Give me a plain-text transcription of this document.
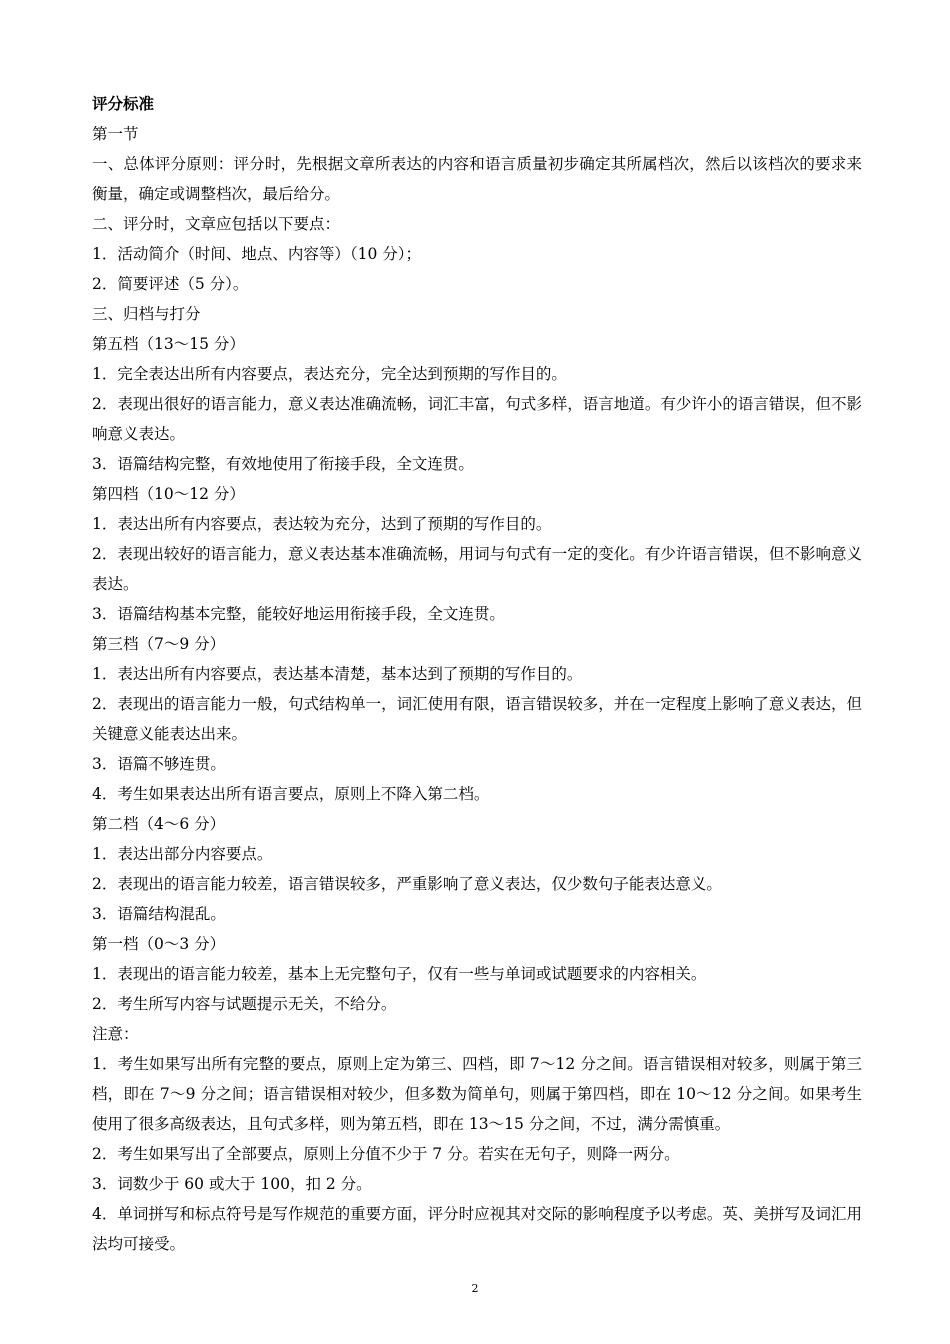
评分标准

第一节

一、总体评分原则：评分时，先根据文章所表达的内容和语言质量初步确定其所属档次，然后以该档次的要求来衡量，确定或调整档次，最后给分。

二、评分时，文章应包括以下要点：

1．活动简介（时间、地点、内容等）（10 分）；

2．简要评述（5 分）。

三、归档与打分

第五档（13～15 分）

1．完全表达出所有内容要点，表达充分，完全达到预期的写作目的。

2．表现出很好的语言能力，意义表达准确流畅，词汇丰富，句式多样，语言地道。有少许小的语言错误，但不影响意义表达。

3．语篇结构完整，有效地使用了衔接手段，全文连贯。

第四档（10～12 分）

1．表达出所有内容要点，表达较为充分，达到了预期的写作目的。

2．表现出较好的语言能力，意义表达基本准确流畅，用词与句式有一定的变化。有少许语言错误，但不影响意义表达。

3．语篇结构基本完整，能较好地运用衔接手段，全文连贯。

第三档（7～9 分）

1．表达出所有内容要点，表达基本清楚，基本达到了预期的写作目的。

2．表现出的语言能力一般，句式结构单一，词汇使用有限，语言错误较多，并在一定程度上影响了意义表达，但关键意义能表达出来。

3．语篇不够连贯。

4．考生如果表达出所有语言要点，原则上不降入第二档。

第二档（4～6 分）

1．表达出部分内容要点。

2．表现出的语言能力较差，语言错误较多，严重影响了意义表达，仅少数句子能表达意义。

3．语篇结构混乱。

第一档（0～3 分）

1．表现出的语言能力较差，基本上无完整句子，仅有一些与单词或试题要求的内容相关。

2．考生所写内容与试题提示无关，不给分。

注意：

1．考生如果写出所有完整的要点，原则上定为第三、四档，即 7～12 分之间。语言错误相对较多，则属于第三档，即在 7～9 分之间；语言错误相对较少，但多数为简单句，则属于第四档，即在 10～12 分之间。如果考生使用了很多高级表达，且句式多样，则为第五档，即在 13～15 分之间，不过，满分需慎重。

2．考生如果写出了全部要点，原则上分值不少于 7 分。若实在无句子，则降一两分。

3．词数少于 60 或大于 100，扣 2 分。

4．单词拼写和标点符号是写作规范的重要方面，评分时应视其对交际的影响程度予以考虑。英、美拼写及词汇用法均可接受。

2
